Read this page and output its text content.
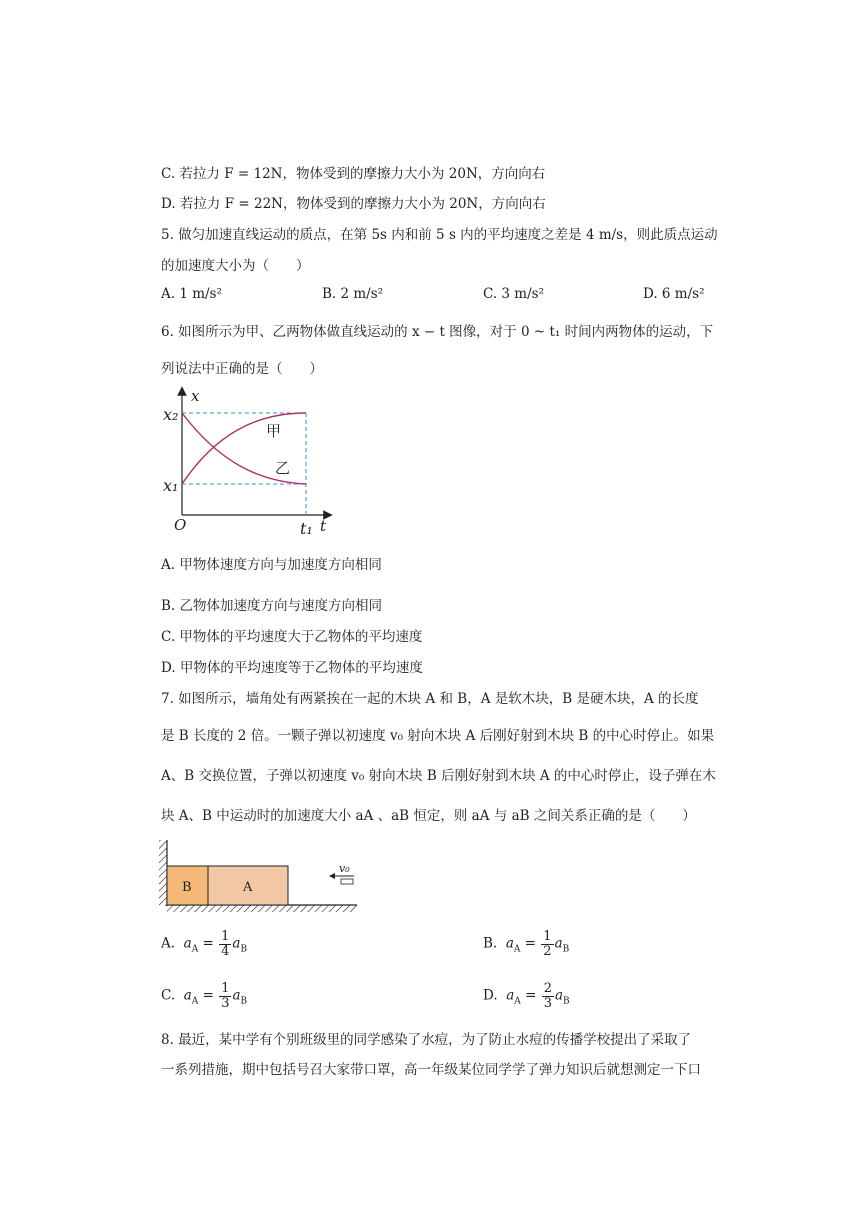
C. 若拉力 F = 12N，物体受到的摩擦力大小为 20N，方向向右
D. 若拉力 F = 22N，物体受到的摩擦力大小为 20N，方向向右
5. 做匀加速直线运动的质点，在第 5s 内和前 5 s 内的平均速度之差是 4 m/s，则此质点运动
的加速度大小为（　　）
A. 1 m/s²	B. 2 m/s²	C. 3 m/s²	D. 6 m/s²
6. 如图所示为甲、乙两物体做直线运动的 x − t 图像，对于 0 ~ t₁ 时间内两物体的运动，下
列说法中正确的是（　　）
x
x₂
x₁
O	t₁ t
甲
乙
A. 甲物体速度方向与加速度方向相同
B. 乙物体加速度方向与速度方向相同
C. 甲物体的平均速度大于乙物体的平均速度
D. 甲物体的平均速度等于乙物体的平均速度
7. 如图所示，墙角处有两紧挨在一起的木块 A 和 B，A 是软木块，B 是硬木块，A 的长度
是 B 长度的 2 倍。一颗子弹以初速度 v₀ 射向木块 A 后刚好射到木块 B 的中心时停止。如果
A、B 交换位置，子弹以初速度 v₀ 射向木块 B 后刚好射到木块 A 的中心时停止，设子弹在木
块 A、B 中运动时的加速度大小 aA 、aB 恒定，则 aA 与 aB 之间关系正确的是（　　）
B	A
v₀
A. $a_A = \frac{1}{4} a_B$	B. $a_A = \frac{1}{2} a_B$
C. $a_A = \frac{1}{3} a_B$	D. $a_A = \frac{2}{3} a_B$
8. 最近，某中学有个别班级里的同学感染了水痘，为了防止水痘的传播学校提出了采取了
一系列措施，期中包括号召大家带口罩，高一年级某位同学学了弹力知识后就想测定一下口
